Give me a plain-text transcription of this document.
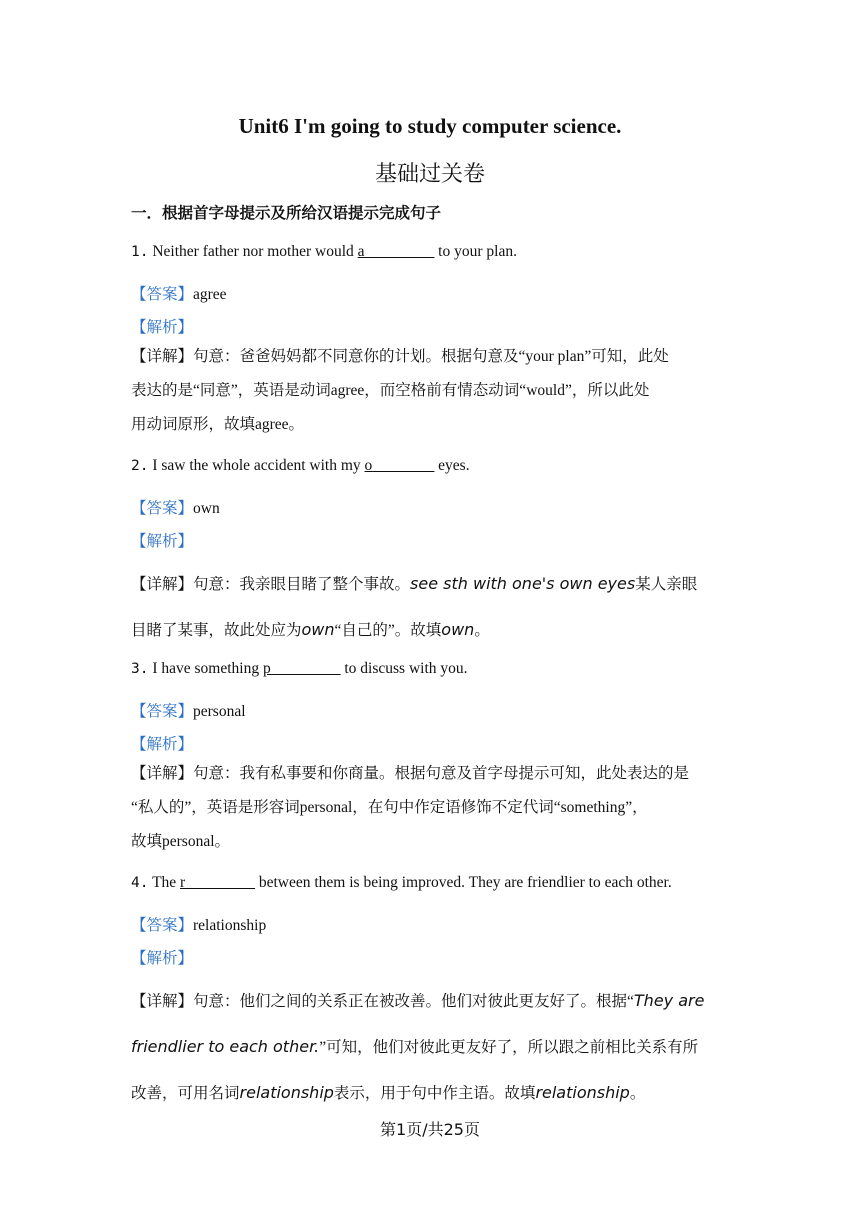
Unit6 I'm going to study computer science.
基础过关卷
一．根据首字母提示及所给汉语提示完成句子
1. Neither father nor mother would a_________ to your plan.
【答案】agree
【解析】
【详解】句意：爸爸妈妈都不同意你的计划。根据句意及“your plan”可知，此处
表达的是“同意”，英语是动词agree，而空格前有情态动词“would”，所以此处
用动词原形，故填agree。
2. I saw the whole accident with my o________ eyes.
【答案】own
【解析】
【详解】句意：我亲眼目睹了整个事故。see sth with one's own eyes某人亲眼
目睹了某事，故此处应为own“自己的”。故填own。
3. I have something p_________ to discuss with you.
【答案】personal
【解析】
【详解】句意：我有私事要和你商量。根据句意及首字母提示可知，此处表达的是
“私人的”，英语是形容词personal，在句中作定语修饰不定代词“something”，
故填personal。
4. The r_________ between them is being improved. They are friendlier to each other.
【答案】relationship
【解析】
【详解】句意：他们之间的关系正在被改善。他们对彼此更友好了。根据“They are
friendlier to each other.”可知，他们对彼此更友好了，所以跟之前相比关系有所
改善，可用名词relationship表示，用于句中作主语。故填relationship。
第1页/共25页
